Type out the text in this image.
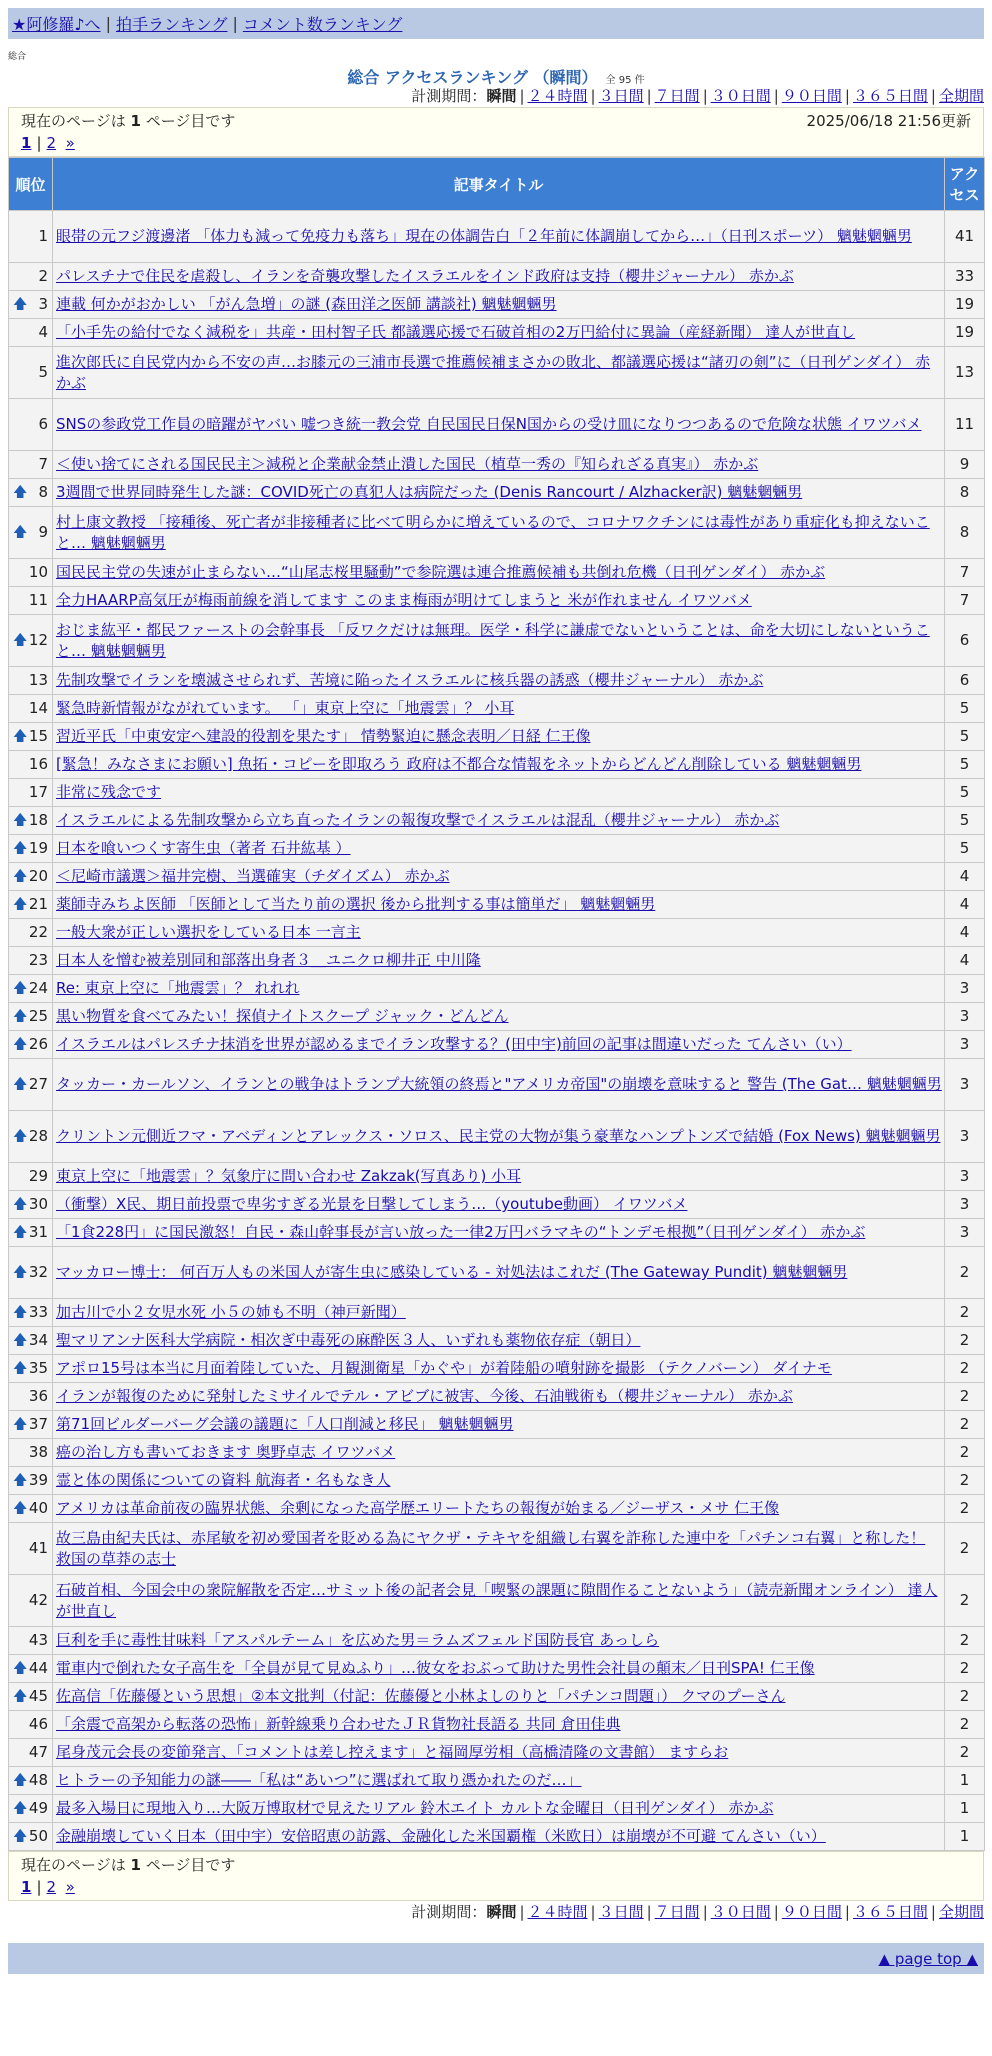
★阿修羅♪へ | 拍手ランキング | コメント数ランキング
総合
総合 アクセスランキング （瞬間） 全 95 件
計測期間：瞬間 | ２４時間 | ３日間 | ７日間 | ３０日間 | ９０日間 | ３６５日間 | 全期間
現在のページは 1 ページ目です	2025/06/18 21:56更新
1 | 2 »
順位	記事タイトル	アクセス
1	眼帯の元フジ渡邊渚 「体力も減って免疫力も落ち」現在の体調告白「２年前に体調崩してから…」（日刊スポーツ） 魑魅魍魎男	41
2	パレスチナで住民を虐殺し、イランを奇襲攻撃したイスラエルをインド政府は支持（櫻井ジャーナル） 赤かぶ	33

🡅 3	連載 何かがおかしい 「がん急増」の謎 (森田洋之医師 講談社) 魑魅魍魎男	19
4	「小手先の給付でなく減税を」共産・田村智子氏 都議選応援で石破首相の2万円給付に異論（産経新聞） 達人が世直し	19
5	進次郎氏に自民党内から不安の声…お膝元の三浦市長選で推薦候補まさかの敗北、都議選応援は“諸刃の剣”に（日刊ゲンダイ） 赤かぶ	13
6	SNSの参政党工作員の暗躍がヤバい 嘘つき統一教会党 自民国民日保N国からの受け皿になりつつあるので危険な状態 イワツバメ	11
7	＜使い捨てにされる国民民主＞減税と企業献金禁止潰した国民（植草一秀の『知られざる真実』） 赤かぶ	9

🡅 8	3週間で世界同時発生した謎：COVID死亡の真犯人は病院だった (Denis Rancourt / Alzhacker訳) 魑魅魍魎男	8

🡅 9	村上康文教授 「接種後、死亡者が非接種者に比べて明らかに増えているので、コロナワクチンには毒性があり重症化も抑えないこと… 魑魅魍魎男	8
10	国民民主党の失速が止まらない…“山尾志桜里騒動”で参院選は連合推薦候補も共倒れ危機（日刊ゲンダイ） 赤かぶ	7
11	全力HAARP高気圧が梅雨前線を消してます このまま梅雨が明けてしまうと 米が作れません イワツバメ	7

🡅 12	おじま紘平・都民ファーストの会幹事長 「反ワクだけは無理。医学・科学に謙虚でないということは、命を大切にしないということ… 魑魅魍魎男	6
13	先制攻撃でイランを壊滅させられず、苦境に陥ったイスラエルに核兵器の誘惑（櫻井ジャーナル） 赤かぶ	6
14	緊急時新情報がながれています。 「」東京上空に「地震雲」？ 小耳	5

🡅 15	習近平氏「中東安定へ建設的役割を果たす」 情勢緊迫に懸念表明／日経 仁王像	5
16	[緊急！みなさまにお願い] 魚拓・コピーを即取ろう 政府は不都合な情報をネットからどんどん削除している 魑魅魍魎男	5
17	非常に残念です	5

🡅 18	イスラエルによる先制攻撃から立ち直ったイランの報復攻撃でイスラエルは混乱（櫻井ジャーナル） 赤かぶ	5

🡅 19	日本を喰いつくす寄生虫（著者 石井紘基 ）	5

🡅 20	＜尼崎市議選＞福井完樹、当選確実（チダイズム） 赤かぶ	4

🡅 21	薬師寺みちよ医師 「医師として当たり前の選択 後から批判する事は簡単だ」 魑魅魍魎男	4
22	一般大衆が正しい選択をしている日本 一言主	4
23	日本人を憎む被差別同和部落出身者３＿ユニクロ柳井正 中川隆	4

🡅 24	Re: 東京上空に「地震雲」？ れれれ	3

🡅 25	黒い物質を食べてみたい！探偵ナイトスクープ ジャック・どんどん	3

🡅 26	イスラエルはパレスチナ抹消を世界が認めるまでイラン攻撃する？(田中宇)前回の記事は間違いだった てんさい（い）	3

🡅 27	タッカー・カールソン、イランとの戦争はトランプ大統領の終焉と"アメリカ帝国"の崩壊を意味すると 警告 (The Gat… 魑魅魍魎男	3

🡅 28	クリントン元側近フマ・アベディンとアレックス・ソロス、民主党の大物が集う豪華なハンプトンズで結婚 (Fox News) 魑魅魍魎男	3
29	東京上空に「地震雲」？気象庁に問い合わせ Zakzak(写真あり) 小耳	3

🡅 30	（衝撃）X民、期日前投票で卑劣すぎる光景を目撃してしまう…（youtube動画） イワツバメ	3

🡅 31	「1食228円」に国民激怒！自民・森山幹事長が言い放った一律2万円バラマキの“トンデモ根拠”（日刊ゲンダイ） 赤かぶ	3

🡅 32	マッカロー博士： 何百万人もの米国人が寄生虫に感染している - 対処法はこれだ (The Gateway Pundit) 魑魅魍魎男	2

🡅 33	加古川で小２女児水死 小５の姉も不明（神戸新聞）	2

🡅 34	聖マリアンナ医科大学病院・相次ぎ中毒死の麻酔医３人、いずれも薬物依存症（朝日）	2

🡅 35	アポロ15号は本当に月面着陸していた、月観測衛星「かぐや」が着陸船の噴射跡を撮影 （テクノバーン） ダイナモ	2
36	イランが報復のために発射したミサイルでテル・アビブに被害、今後、石油戦術も（櫻井ジャーナル） 赤かぶ	2

🡅 37	第71回ビルダーバーグ会議の議題に「人口削減と移民」 魑魅魍魎男	2
38	癌の治し方も書いておきます 奥野卓志 イワツバメ	2

🡅 39	霊と体の関係についての資料 航海者・名もなき人	2

🡅 40	アメリカは革命前夜の臨界状態、余剰になった高学歴エリートたちの報復が始まる／ジーザス・メサ 仁王像	2
41	故三島由紀夫氏は、赤尾敏を初め愛国者を貶める為にヤクザ・テキヤを組織し右翼を詐称した連中を「パチンコ右翼」と称した！ 救国の草莽の志士	2
42	石破首相、今国会中の衆院解散を否定…サミット後の記者会見「喫緊の課題に隙間作ることないよう」（読売新聞オンライン） 達人が世直し	2
43	巨利を手に毒性甘味料「アスパルテーム」を広めた男＝ラムズフェルド国防長官 あっしら	2

🡅 44	電車内で倒れた女子高生を「全員が見て見ぬふり」…彼女をおぶって助けた男性会社員の顛末／日刊SPA! 仁王像	2

🡅 45	佐高信「佐藤優という思想」②本文批判（付記：佐藤優と小林よしのりと「パチンコ問題」） クマのプーさん	2
46	「余震で高架から転落の恐怖」新幹線乗り合わせたＪＲ貨物社長語る 共同 倉田佳典	2
47	尾身茂元会長の変節発言、「コメントは差し控えます」と福岡厚労相（高橋清隆の文書館） ますらお	2

🡅 48	ヒトラーの予知能力の謎――「私は“あいつ”に選ばれて取り憑かれたのだ…」	1

🡅 49	最多入場日に現地入り…大阪万博取材で見えたリアル 鈴木エイト カルトな金曜日（日刊ゲンダイ） 赤かぶ	1

🡅 50	金融崩壊していく日本（田中宇）安倍昭恵の訪露、金融化した米国覇権（米欧日）は崩壊が不可避 てんさい（い）	1
現在のページは 1 ページ目です
1 | 2 »
計測期間：瞬間 | ２４時間 | ３日間 | ７日間 | ３０日間 | ９０日間 | ３６５日間 | 全期間
▲ page top ▲
